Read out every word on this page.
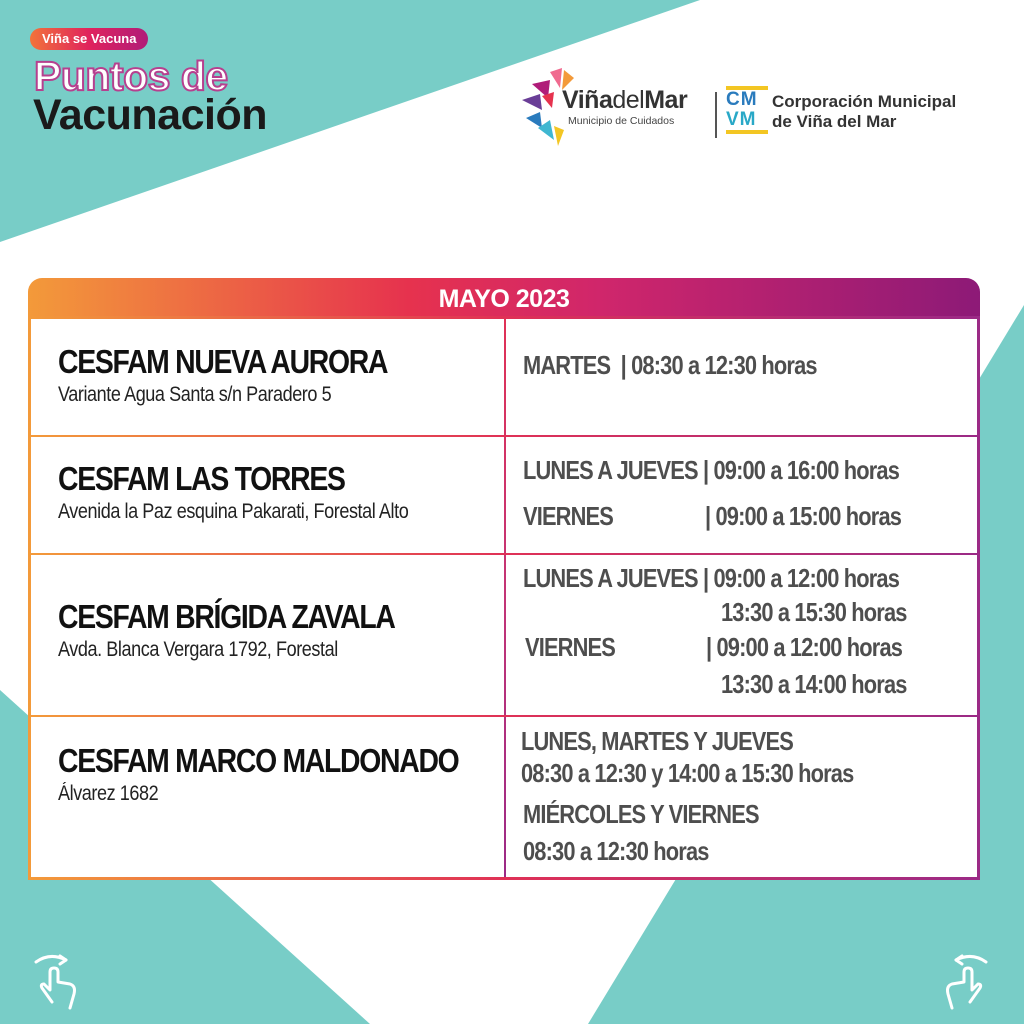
Viña se Vacuna
Puntos de
Vacunación	ViñadelMar
Municipio de Cuidados
CM
VM
Corporación Municipal
de Viña del Mar
MAYO 2023
CESFAM NUEVA AURORA
Variante Agua Santa s/n Paradero 5
MARTES  | 08:30 a 12:30 horas
CESFAM LAS TORRES
Avenida la Paz esquina Pakarati, Forestal Alto
LUNES A JUEVES | 09:00 a 16:00 horas
VIERNES	| 09:00 a 15:00 horas
CESFAM BRÍGIDA ZAVALA
Avda. Blanca Vergara 1792, Forestal
LUNES A JUEVES | 09:00 a 12:00 horas
13:30 a 15:30 horas
VIERNES	| 09:00 a 12:00 horas
13:30 a 14:00 horas
CESFAM MARCO MALDONADO
Álvarez 1682
LUNES, MARTES Y JUEVES
08:30 a 12:30 y 14:00 a 15:30 horas
MIÉRCOLES Y VIERNES
08:30 a 12:30 horas
